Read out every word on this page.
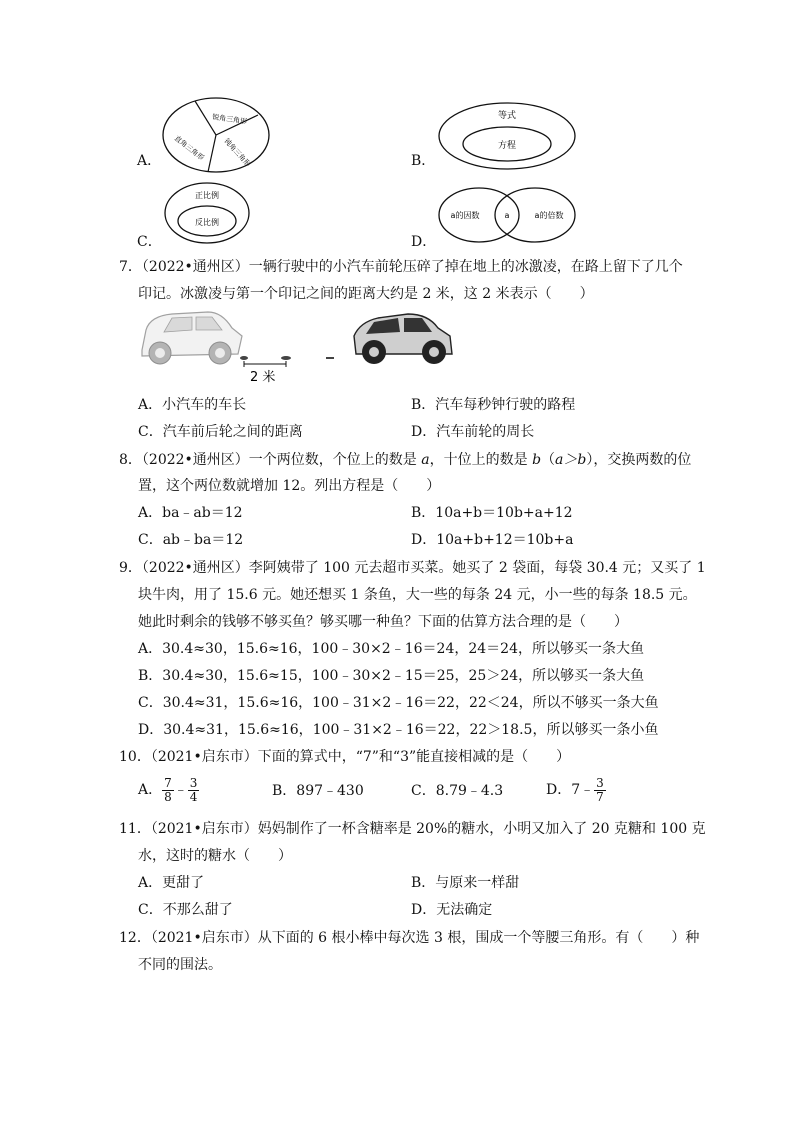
A．
锐角三角形
直角三角形 钝角三角形	B．
等式
方程
C．
正比例
反比例
D．
a的因数	a	a的倍数
7．（2022•通州区）一辆行驶中的小汽车前轮压碎了掉在地上的冰激凌，在路上留下了几个
印记。冰激凌与第一个印记之间的距离大约是 2 米，这 2 米表示（　　）
2 米
A．小汽车的车长	B．汽车每秒钟行驶的路程
C．汽车前后轮之间的距离	D．汽车前轮的周长
8．（2022•通州区）一个两位数，个位上的数是 a，十位上的数是 b（a＞b），交换两数的位
置，这个两位数就增加 12。列出方程是（　　）
A．ba﹣ab＝12	B．10a+b＝10b+a+12
C．ab﹣ba＝12	D．10a+b+12＝10b+a
9．（2022•通州区）李阿姨带了 100 元去超市买菜。她买了 2 袋面，每袋 30.4 元；又买了 1
块牛肉，用了 15.6 元。她还想买 1 条鱼，大一些的每条 24 元，小一些的每条 18.5 元。
她此时剩余的钱够不够买鱼？够买哪一种鱼？下面的估算方法合理的是（　　）
A．30.4≈30，15.6≈16，100﹣30×2﹣16＝24，24＝24，所以够买一条大鱼
B．30.4≈30，15.6≈15，100﹣30×2﹣15＝25，25＞24，所以够买一条大鱼
C．30.4≈31，15.6≈16，100﹣31×2﹣16＝22，22＜24，所以不够买一条大鱼
D．30.4≈31，15.6≈16，100﹣31×2﹣16＝22，22＞18.5，所以够买一条小鱼
10．（2021•启东市）下面的算式中，“7”和“3”能直接相减的是（　　）
A． $\frac{7}{8}$ ﹣ $\frac{3}{4}$	B．897﹣430	C．8.79﹣4.3	D．7﹣ $\frac{3}{7}$
11．（2021•启东市）妈妈制作了一杯含糖率是 20%的糖水，小明又加入了 20 克糖和 100 克
水，这时的糖水（　　）
A．更甜了	B．与原来一样甜
C．不那么甜了	D．无法确定
12．（2021•启东市）从下面的 6 根小棒中每次选 3 根，围成一个等腰三角形。有（　　）种
不同的围法。
